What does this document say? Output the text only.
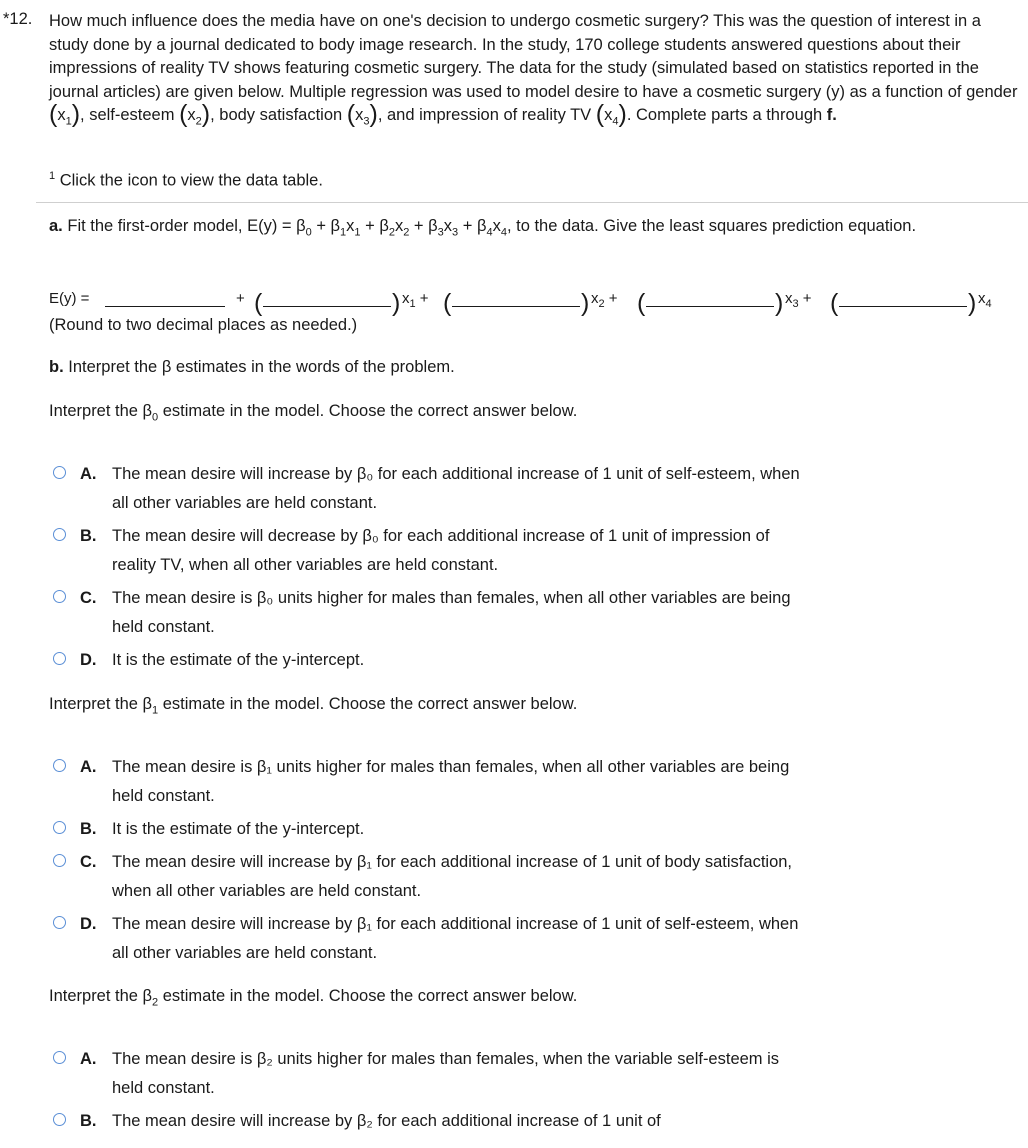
*12. How much influence does the media have on one's decision to undergo cosmetic surgery? This was the question of interest in a study done by a journal dedicated to body image research. In the study, 170 college students answered questions about their impressions of reality TV shows featuring cosmetic surgery. The data for the study (simulated based on statistics reported in the journal articles) are given below. Multiple regression was used to model desire to have a cosmetic surgery (y) as a function of gender $(x_1)$, self-esteem $(x_2)$, body satisfaction $(x_3)$, and impression of reality TV $(x_4)$. Complete parts a through f.
$^1$ Click the icon to view the data table.
a. Fit the first-order model, $E(y) = \beta_0 + \beta_1x_1 + \beta_2x_2 + \beta_3x_3 + \beta_4x_4$, to the data. Give the least squares prediction equation.
E(y) =	+ (	) $x_1$ + (	) $x_2$ + (	) $x_3$ + (	) $x_4$
(Round to two decimal places as needed.)
b. Interpret the β estimates in the words of the problem.
Interpret the $\beta_0$ estimate in the model. Choose the correct answer below.
A. The mean desire will increase by β₀ for each additional increase of 1 unit of self-esteem, when all other variables are held constant.
B. The mean desire will decrease by β₀ for each additional increase of 1 unit of impression of reality TV, when all other variables are held constant.
C. The mean desire is β₀ units higher for males than females, when all other variables are being held constant.
D. It is the estimate of the y-intercept.
Interpret the $\beta_1$ estimate in the model. Choose the correct answer below.
A. The mean desire is β₁ units higher for males than females, when all other variables are being held constant.
B. It is the estimate of the y-intercept.
C. The mean desire will increase by β₁ for each additional increase of 1 unit of body satisfaction, when all other variables are held constant.
D. The mean desire will increase by β₁ for each additional increase of 1 unit of self-esteem, when all other variables are held constant.
Interpret the $\beta_2$ estimate in the model. Choose the correct answer below.
A. The mean desire is β₂ units higher for males than females, when the variable self-esteem is held constant.
B. The mean desire will increase by β₂ for each additional increase of 1 unit of
